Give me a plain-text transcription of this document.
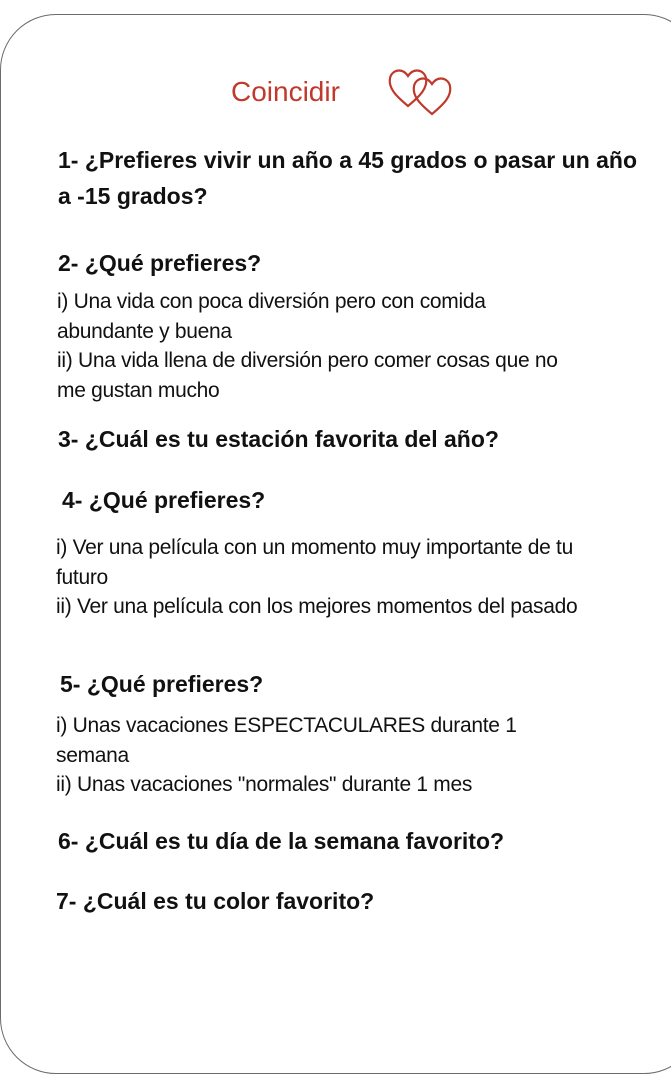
Coincidir

1- ¿Prefieres vivir un año a 45 grados o pasar un año a -15 grados?

2- ¿Qué prefieres?

i) Una vida con poca diversión pero con comida abundante y buena
ii) Una vida llena de diversión pero comer cosas que no me gustan mucho

3- ¿Cuál es tu estación favorita del año?

4- ¿Qué prefieres?

i) Ver una película con un momento muy importante de tu futuro
ii) Ver una película con los mejores momentos del pasado

5- ¿Qué prefieres?

i) Unas vacaciones ESPECTACULARES durante 1 semana
ii) Unas vacaciones "normales" durante 1 mes

6- ¿Cuál es tu día de la semana favorito?

7- ¿Cuál es tu color favorito?
